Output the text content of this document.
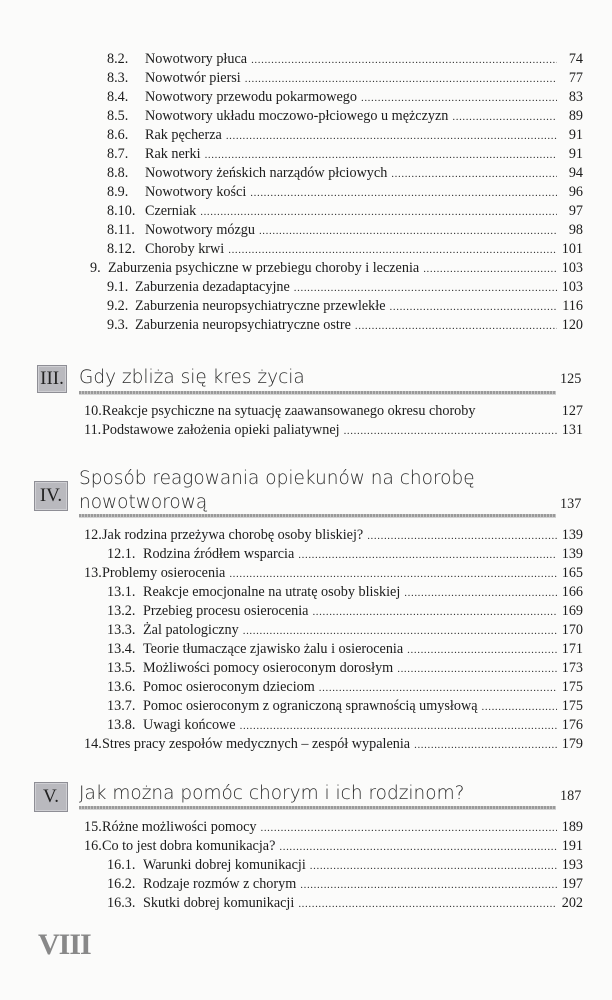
8.2.	Nowotwory płuca .....	74
8.3.	Nowotwór piersi .....	77
8.4.	Nowotwory przewodu pokarmowego .....	83
8.5.	Nowotwory układu moczowo-płciowego u mężczyzn .....	89
8.6.	Rak pęcherza .....	91
8.7.	Rak nerki .....	91
8.8.	Nowotwory żeńskich narządów płciowych .....	94
8.9.	Nowotwory kości .....	96
8.10. Czerniak .....	97
8.11. Nowotwory mózgu .....	98
8.12. Choroby krwi .....	101
9. Zaburzenia psychiczne w przebiegu choroby i leczenia .....	103
9.1. Zaburzenia dezadaptacyjne .....	103
9.2. Zaburzenia neuropsychiatryczne przewlekłe .....	116
9.3. Zaburzenia neuropsychiatryczne ostre .....	120
III. Gdy zbliża się kres życia	125
10. Reakcje psychiczne na sytuację zaawansowanego okresu choroby	127
11. Podstawowe założenia opieki paliatywnej .....	131
IV.
Sposób reagowania opiekunów na chorobę
nowotworową	137
12. Jak rodzina przeżywa chorobę osoby bliskiej? .....	139
12.1. Rodzina źródłem wsparcia .....	139
13. Problemy osierocenia .....	165
13.1. Reakcje emocjonalne na utratę osoby bliskiej .....	166
13.2. Przebieg procesu osierocenia .....	169
13.3. Żal patologiczny .....	170
13.4. Teorie tłumaczące zjawisko żalu i osierocenia .....	171
13.5. Możliwości pomocy osieroconym dorosłym .....	173
13.6. Pomoc osieroconym dzieciom .....	175
13.7. Pomoc osieroconym z ograniczoną sprawnością umysłową .....	175
13.8. Uwagi końcowe .....	176
14. Stres pracy zespołów medycznych – zespół wypalenia .....	179
V. Jak można pomóc chorym i ich rodzinom?	187
15. Różne możliwości pomocy .....	189
16. Co to jest dobra komunikacja? .....	191
16.1. Warunki dobrej komunikacji .....	193
16.2. Rodzaje rozmów z chorym .....	197
16.3. Skutki dobrej komunikacji .....	202
VIII
